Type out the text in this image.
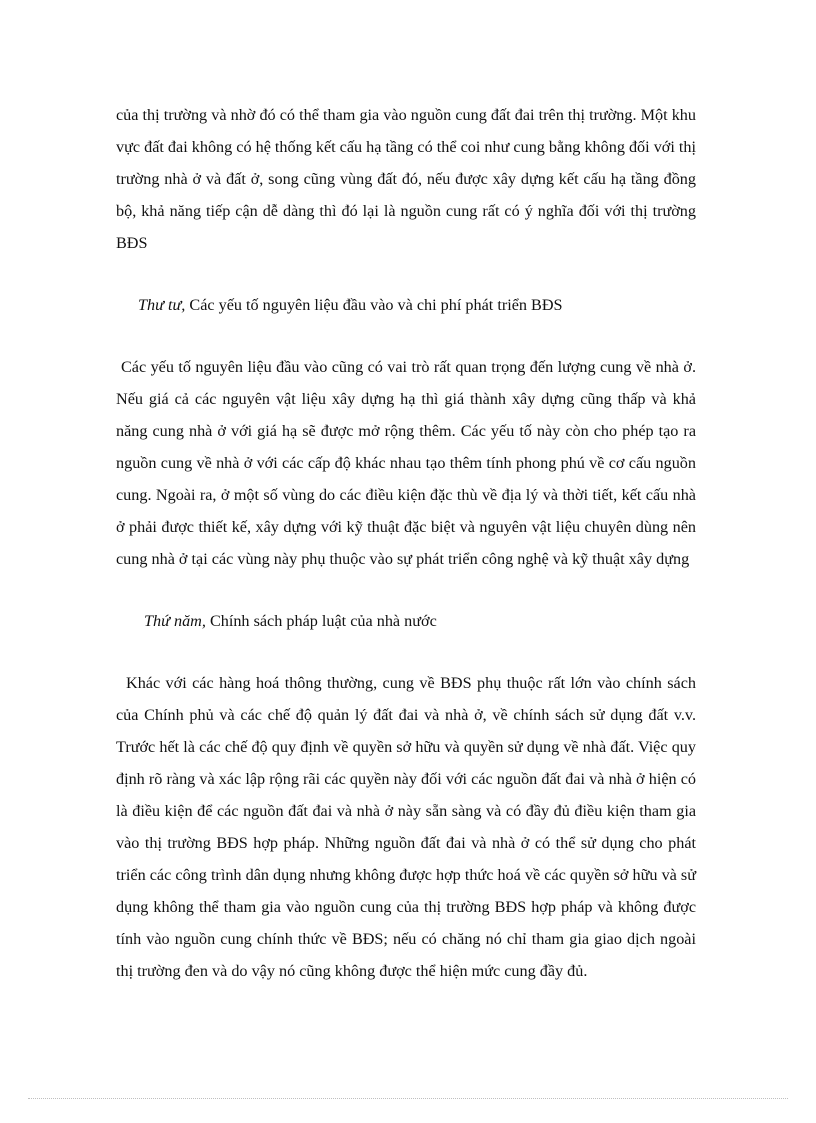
của thị trường và nhờ đó có thể tham gia vào nguồn cung đất đai trên thị trường. Một khu vực đất đai không có hệ thống kết cấu hạ tầng có thể coi như cung bằng không đối với thị trường nhà ở và đất ở, song cũng vùng đất đó, nếu được xây dựng kết cấu hạ tầng đồng bộ, khả năng tiếp cận dễ dàng thì đó lại là nguồn cung rất có ý nghĩa đối với thị trường BĐS

Thư tư, Các yếu tố nguyên liệu đầu vào và chi phí phát triển BĐS

Các yếu tố nguyên liệu đầu vào cũng có vai trò rất quan trọng đến lượng cung về nhà ở. Nếu giá cả các nguyên vật liệu xây dựng hạ thì giá thành xây dựng cũng thấp và khả năng cung nhà ở với giá hạ sẽ được mở rộng thêm. Các yếu tố này còn cho phép tạo ra nguồn cung về nhà ở với các cấp độ khác nhau tạo thêm tính phong phú về cơ cấu nguồn cung. Ngoài ra, ở một số vùng do các điều kiện đặc thù về địa lý và thời tiết, kết cấu nhà ở phải được thiết kế, xây dựng với kỹ thuật đặc biệt và nguyên vật liệu chuyên dùng nên cung nhà ở tại các vùng này phụ thuộc vào sự phát triển công nghệ và kỹ thuật xây dựng

Thứ năm, Chính sách pháp luật của nhà nước

Khác với các hàng hoá thông thường, cung về BĐS phụ thuộc rất lớn vào chính sách của Chính phủ và các chế độ quản lý đất đai và nhà ở, về chính sách sử dụng đất v.v. Trước hết là các chế độ quy định về quyền sở hữu và quyền sử dụng về nhà đất. Việc quy định rõ ràng và xác lập rộng rãi các quyền này đối với các nguồn đất đai và nhà ở hiện có là điều kiện để các nguồn đất đai và nhà ở này sẵn sàng và có đầy đủ điều kiện tham gia vào thị trường BĐS hợp pháp. Những nguồn đất đai và nhà ở có thể sử dụng cho phát triển các công trình dân dụng nhưng không được hợp thức hoá về các quyền sở hữu và sử dụng không thể tham gia vào nguồn cung của thị trường BĐS hợp pháp và không được tính vào nguồn cung chính thức về BĐS; nếu có chăng nó chỉ tham gia giao dịch ngoài thị trường đen và do vậy nó cũng không được thể hiện mức cung đầy đủ.
